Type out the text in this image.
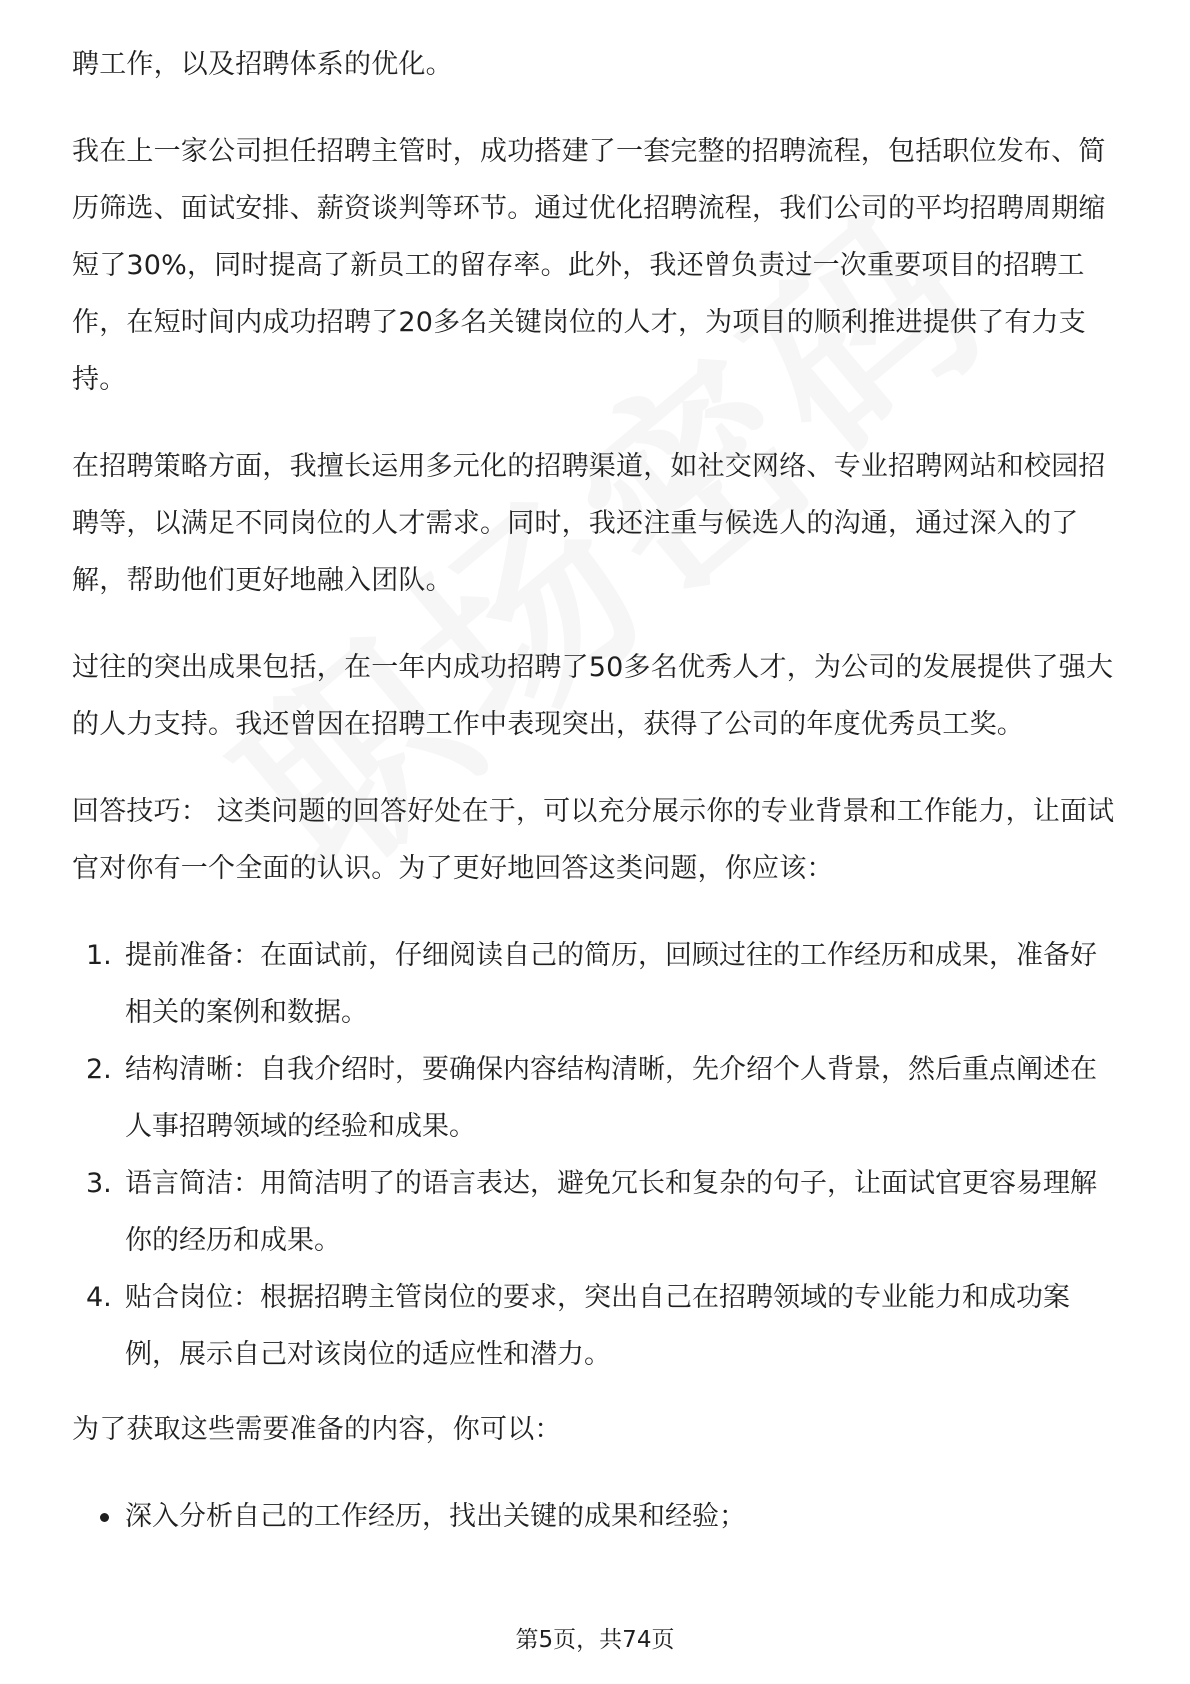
聘工作，以及招聘体系的优化。

我在上一家公司担任招聘主管时，成功搭建了一套完整的招聘流程，包括职位发布、简历筛选、面试安排、薪资谈判等环节。通过优化招聘流程，我们公司的平均招聘周期缩短了30%，同时提高了新员工的留存率。此外，我还曾负责过一次重要项目的招聘工作，在短时间内成功招聘了20多名关键岗位的人才，为项目的顺利推进提供了有力支持。

在招聘策略方面，我擅长运用多元化的招聘渠道，如社交网络、专业招聘网站和校园招聘等，以满足不同岗位的人才需求。同时，我还注重与候选人的沟通，通过深入的了解，帮助他们更好地融入团队。

过往的突出成果包括，在一年内成功招聘了50多名优秀人才，为公司的发展提供了强大的人力支持。我还曾因在招聘工作中表现突出，获得了公司的年度优秀员工奖。

回答技巧： 这类问题的回答好处在于，可以充分展示你的专业背景和工作能力，让面试官对你有一个全面的认识。为了更好地回答这类问题，你应该：

1. 提前准备：在面试前，仔细阅读自己的简历，回顾过往的工作经历和成果，准备好相关的案例和数据。
2. 结构清晰：自我介绍时，要确保内容结构清晰，先介绍个人背景，然后重点阐述在人事招聘领域的经验和成果。
3. 语言简洁：用简洁明了的语言表达，避免冗长和复杂的句子，让面试官更容易理解你的经历和成果。
4. 贴合岗位：根据招聘主管岗位的要求，突出自己在招聘领域的专业能力和成功案例，展示自己对该岗位的适应性和潜力。

为了获取这些需要准备的内容，你可以：

深入分析自己的工作经历，找出关键的成果和经验；
第5页，共74页
